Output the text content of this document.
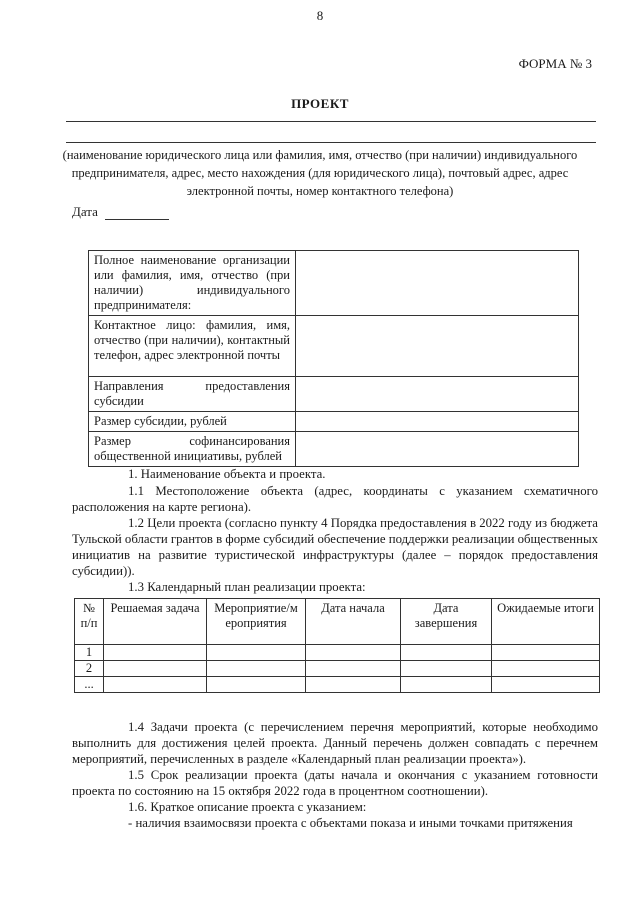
8
ФОРМА № 3
ПРОЕКТ
(наименование юридического лица или фамилия, имя, отчество (при наличии) индивидуального предпринимателя, адрес, место нахождения (для юридического лица), почтовый адрес, адрес электронной почты, номер контактного телефона)
Дата
Полное наименование организации или фамилия, имя, отчество (при наличии) индивидуального предпринимателя:	
Контактное лицо: фамилия, имя, отчество (при наличии), контактный телефон, адрес электронной почты	
Направления предоставления субсидии	
Размер субсидии, рублей	
Размер софинансирования общественной инициативы, рублей	
1. Наименование объекта и проекта.
1.1 Местоположение объекта (адрес, координаты с указанием схематичного расположения на карте региона).
1.2 Цели проекта (согласно пункту 4 Порядка предоставления в 2022 году из бюджета Тульской области грантов в форме субсидий обеспечение поддержки реализации общественных инициатив на развитие туристической инфраструктуры (далее – порядок предоставления субсидии)).
1.3 Календарный план реализации проекта:
№ п/п	Решаемая задача	Мероприятие/м ероприятия	Дата начала	Дата завершения	Ожидаемые итоги
1					
2					
...					
1.4 Задачи проекта (с перечислением перечня мероприятий, которые необходимо выполнить для достижения целей проекта. Данный перечень должен совпадать с перечнем мероприятий, перечисленных в разделе «Календарный план реализации проекта»).
1.5 Срок реализации проекта (даты начала и окончания с указанием готовности проекта по состоянию на 15 октября 2022 года в процентном соотношении).
1.6. Краткое описание проекта с указанием:
- наличия взаимосвязи проекта с объектами показа и иными точками притяжения
